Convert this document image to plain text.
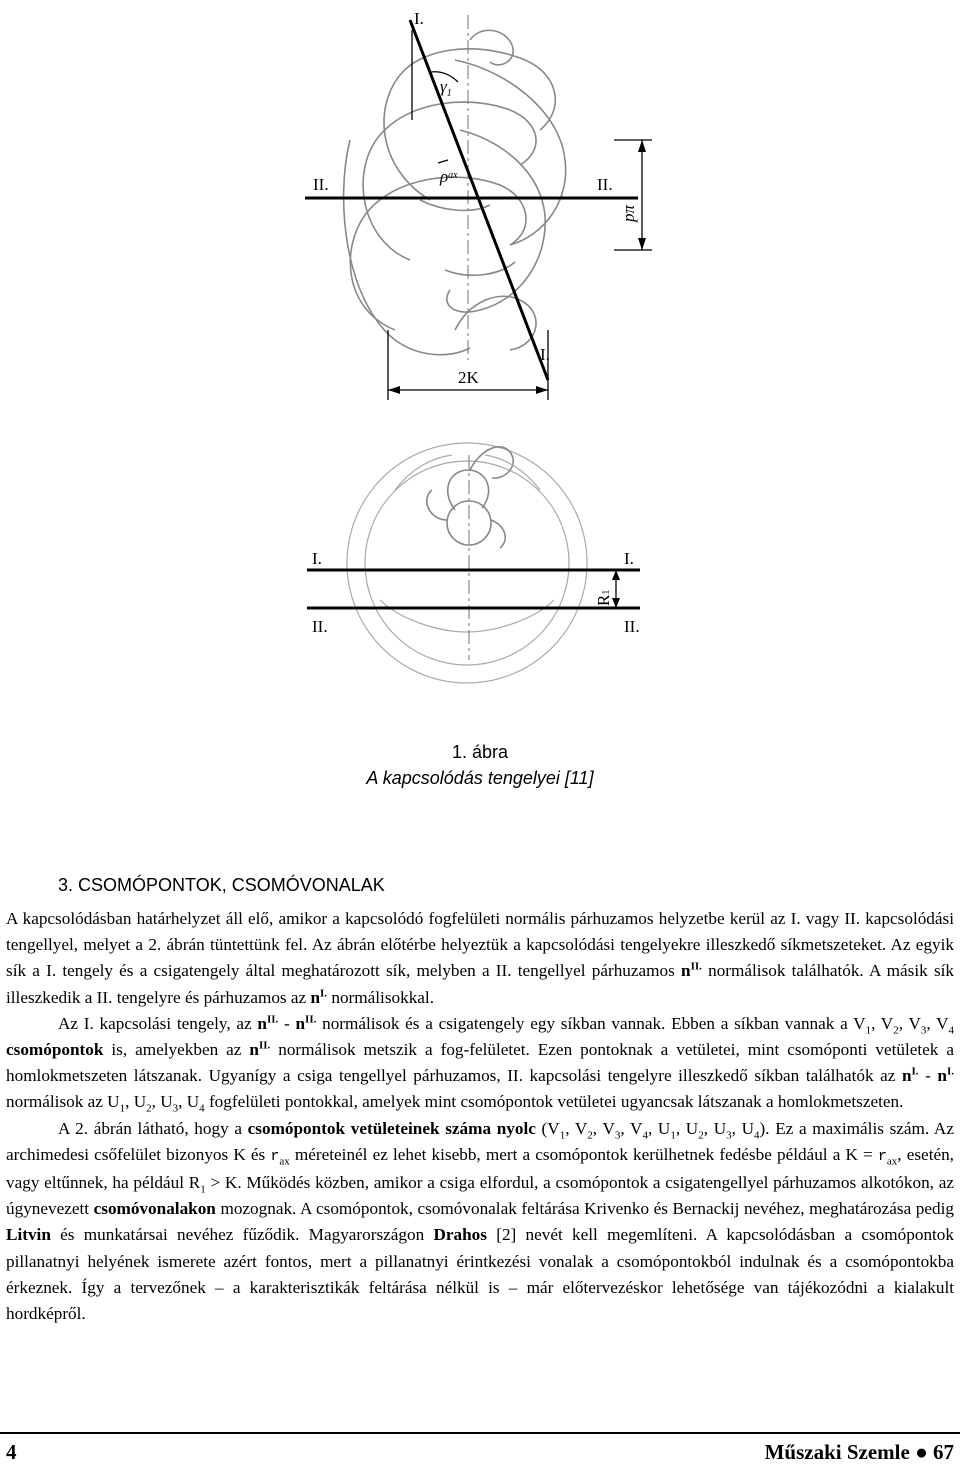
I.
$\gamma_1$
$\rho^{ax}$
II.	II.
pπ
I.
2K
I.	I.
II.	II.
R1
1. ábra
A kapcsolódás tengelyei [11]
3. CSOMÓPONTOK, CSOMÓVONALAK

A kapcsolódásban határhelyzet áll elő, amikor a kapcsolódó fogfelületi normális párhuzamos helyzetbe kerül az I. vagy II. kapcsolódási tengellyel, melyet a 2. ábrán tüntettünk fel. Az ábrán előtérbe helyeztük a kapcsolódási tengelyekre illeszkedő síkmetszeteket. Az egyik sík a I. tengely és a csigatengely által meghatározott sík, melyben a II. tengellyel párhuzamos $n^{II.}$ normálisok találhatók. A másik sík illeszkedik a II. tengelyre és párhuzamos az $n^{I.}$ normálisokkal.

Az I. kapcsolási tengely, az $n^{II.} - n^{II.}$ normálisok és a csigatengely egy síkban vannak. Ebben a síkban vannak a $V_1$, $V_2$, $V_3$, $V_4$ csomópontok is, amelyekben az $n^{II.}$ normálisok metszik a fog-felületet. Ezen pontoknak a vetületei, mint csomóponti vetületek a homlokmetszeten látszanak. Ugyanígy a csiga tengellyel párhuzamos, II. kapcsolási tengelyre illeszkedő síkban találhatók az $n^{I.} - n^{I.}$ normálisok az $U_1$, $U_2$, $U_3$, $U_4$ fogfelületi pontokkal, amelyek mint csomópontok vetületei ugyancsak látszanak a homlokmetszeten.

A 2. ábrán látható, hogy a csomópontok vetületeinek száma nyolc ($V_1$, $V_2$, $V_3$, $V_4$, $U_1$, $U_2$, $U_3$, $U_4$). Ez a maximális szám. Az archimedesi csőfelület bizonyos K és $r_{ax}$ méreteinél ez lehet kisebb, mert a csomópontok kerülhetnek fedésbe például a $K = r_{ax}$, esetén, vagy eltűnnek, ha például $R_1 > K$. Működés közben, amikor a csiga elfordul, a csomópontok a csigatengellyel párhuzamos alkotókon, az úgynevezett csomóvonalakon mozognak. A csomópontok, csomóvonalak feltárása Krivenko és Bernackij nevéhez, meghatározása pedig Litvin és munkatársai nevéhez fűződik. Magyarországon Drahos [2] nevét kell megemlíteni. A kapcsolódásban a csomópontok pillanatnyi helyének ismerete azért fontos, mert a pillanatnyi érintkezési vonalak a csomópontokból indulnak és a csomópontokba érkeznek. Így a tervezőnek – a karakterisztikák feltárása nélkül is – már előtervezéskor lehetősége van tájékozódni a kialakult hordképről.

4	Műszaki Szemle ● 67
